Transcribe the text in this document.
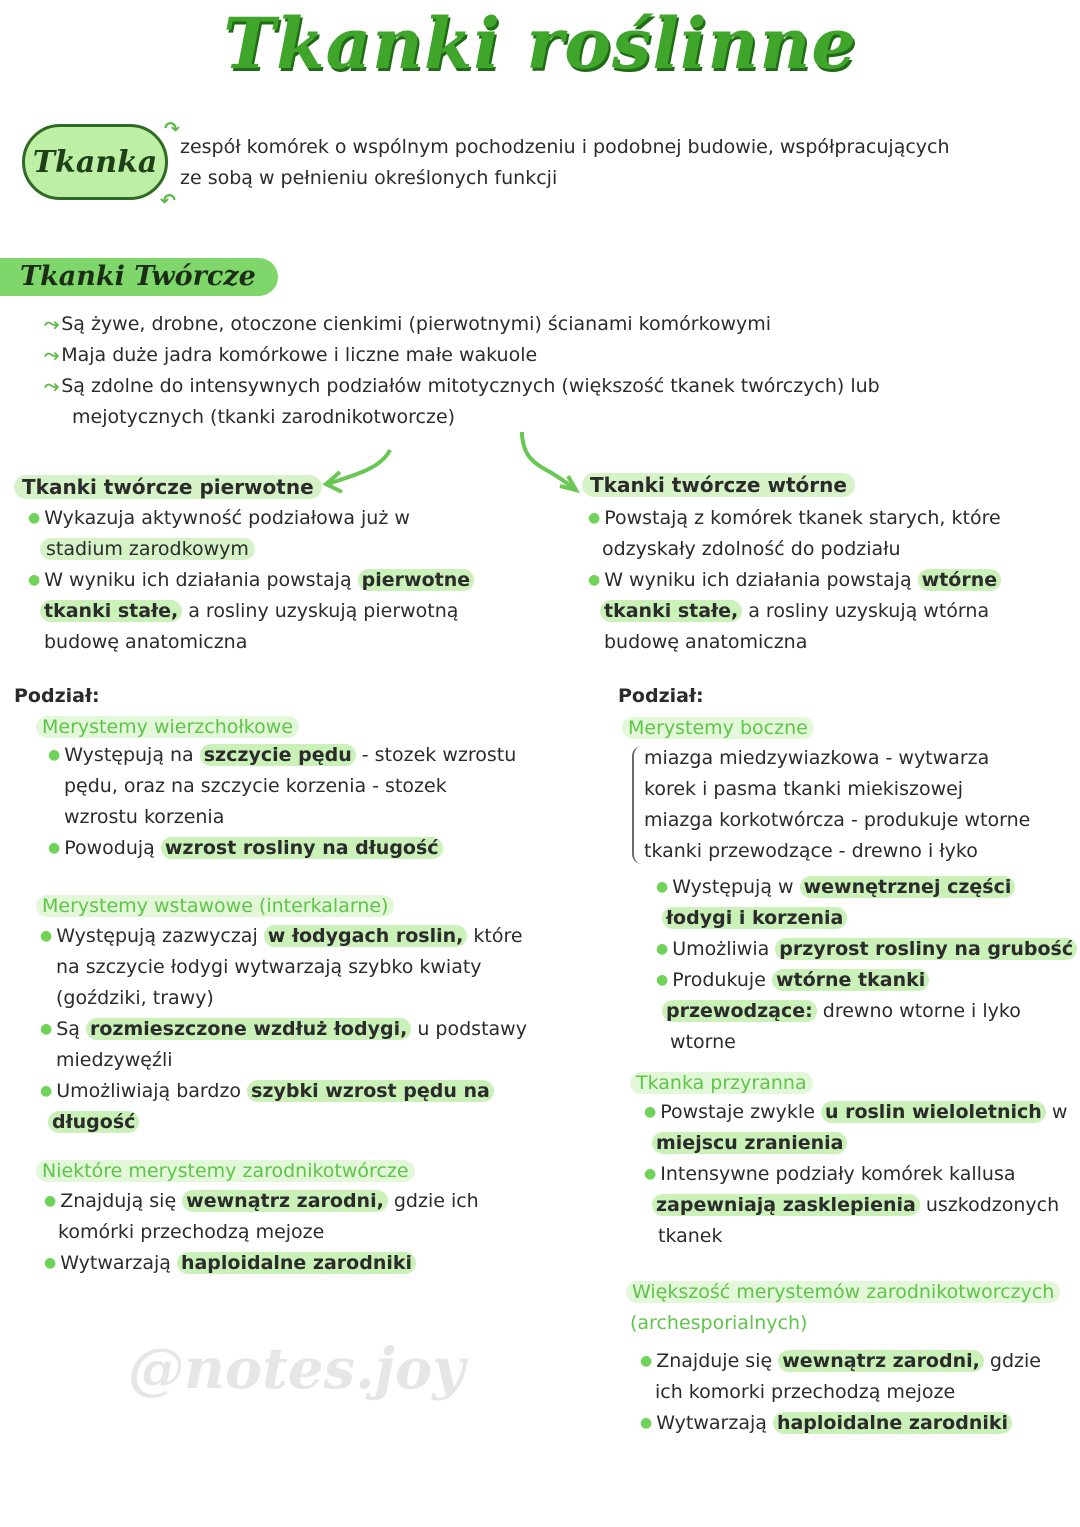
Tkanki roślinne
Tkanka
↷
↶
zespół komórek o wspólnym pochodzeniu i podobnej budowie, współpracujących
ze sobą w pełnieniu określonych funkcji
Tkanki Twórcze
⤳ Są żywe, drobne, otoczone cienkimi (pierwotnymi) ścianami komórkowymi
⤳ Maja duże jadra komórkowe i liczne małe wakuole
⤳ Są zdolne do intensywnych podziałów mitotycznych (większość tkanek twórczych) lub
mejotycznych (tkanki zarodnikotworcze)
Tkanki twórcze pierwotne
● Wykazuja aktywność podziałowa już w
stadium zarodkowym
● W wyniku ich działania powstają pierwotne
tkanki stałe, a rosliny uzyskują pierwotną
budowę anatomiczna
Podział:
Merystemy wierzchołkowe
● Występują na szczycie pędu - stozek wzrostu
pędu, oraz na szczycie korzenia - stozek
wzrostu korzenia
● Powodują wzrost rosliny na długość
Merystemy wstawowe (interkalarne)
● Występują zazwyczaj w łodygach roslin, które
na szczycie łodygi wytwarzają szybko kwiaty
(goździki, trawy)
● Są rozmieszczone wzdłuż łodygi, u podstawy
miedzywęźli
● Umożliwiają bardzo szybki wzrost pędu na
długość
Niektóre merystemy zarodnikotwórcze
● Znajdują się wewnątrz zarodni, gdzie ich
komórki przechodzą mejoze
● Wytwarzają haploidalne zarodniki
Tkanki twórcze wtórne
● Powstają z komórek tkanek starych, które
odzyskały zdolność do podziału
● W wyniku ich działania powstają wtórne
tkanki stałe, a rosliny uzyskują wtórna
budowę anatomiczna
Podział:
Merystemy boczne
miazga miedzywiazkowa - wytwarza
korek i pasma tkanki miekiszowej
miazga korkotwórcza - produkuje wtorne
tkanki przewodzące - drewno i łyko
● Występują w wewnętrznej części
łodygi i korzenia
● Umożliwia przyrost rosliny na grubość
● Produkuje wtórne tkanki
przewodzące: drewno wtorne i lyko
wtorne
Tkanka przyranna
● Powstaje zwykle u roslin wieloletnich w
miejscu zranienia
● Intensywne podziały komórek kallusa
zapewniają zasklepienia uszkodzonych
tkanek
Większość merystemów zarodnikotworczych
(archesporialnych)
● Znajduje się wewnątrz zarodni, gdzie
ich komorki przechodzą mejoze
● Wytwarzają haploidalne zarodniki
@notes.joy
